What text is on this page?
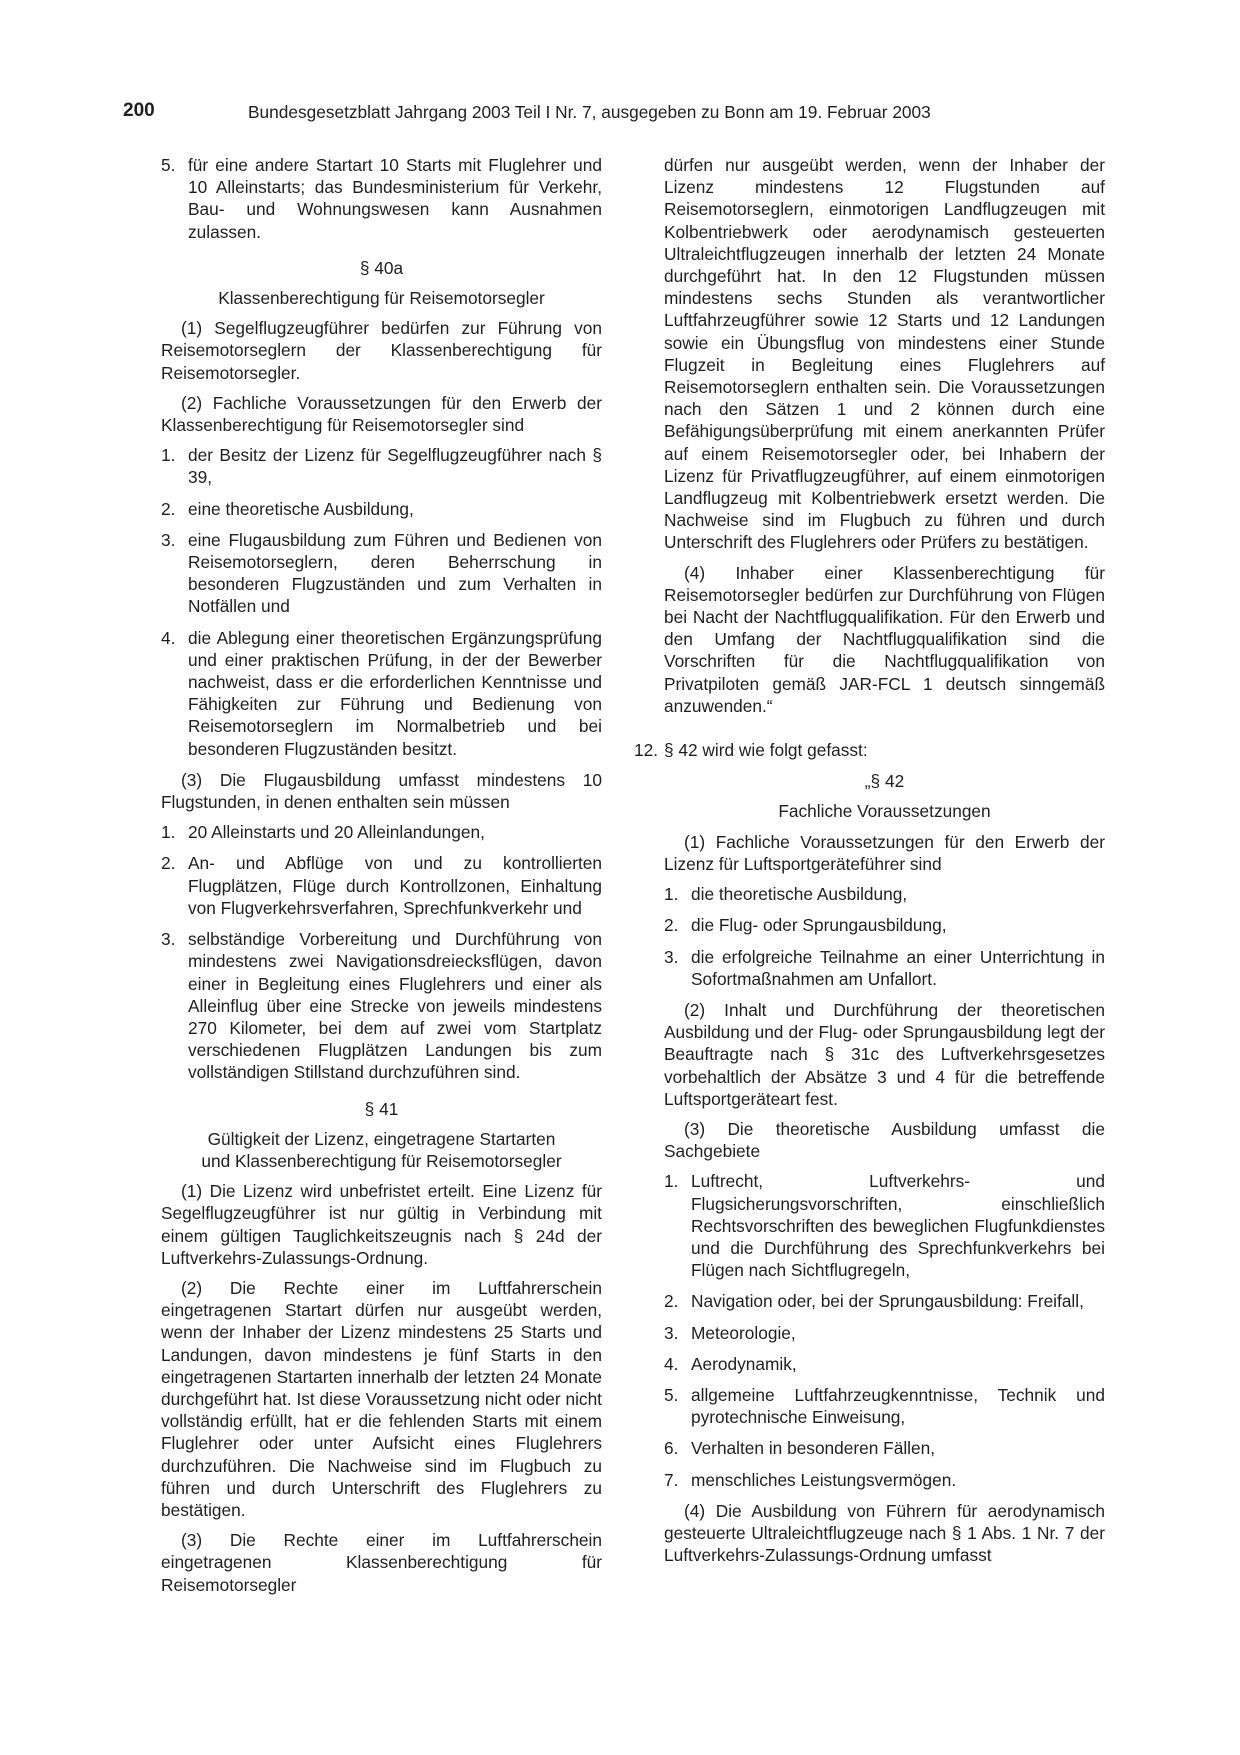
200	Bundesgesetzblatt Jahrgang 2003 Teil I Nr. 7, ausgegeben zu Bonn am 19. Februar 2003
5. für eine andere Startart 10 Starts mit Fluglehrer und 10 Alleinstarts; das Bundesministerium für Verkehr, Bau- und Wohnungswesen kann Ausnahmen zulassen.
§ 40a
Klassenberechtigung für Reisemotorsegler

(1) Segelflugzeugführer bedürfen zur Führung von Reisemotorseglern der Klassenberechtigung für Reisemotorsegler.

(2) Fachliche Voraussetzungen für den Erwerb der Klassenberechtigung für Reisemotorsegler sind

1. der Besitz der Lizenz für Segelflugzeugführer nach § 39,
2. eine theoretische Ausbildung,
3. eine Flugausbildung zum Führen und Bedienen von Reisemotorseglern, deren Beherrschung in besonderen Flugzuständen und zum Verhalten in Notfällen und
4. die Ablegung einer theoretischen Ergänzungsprüfung und einer praktischen Prüfung, in der der Bewerber nachweist, dass er die erforderlichen Kenntnisse und Fähigkeiten zur Führung und Bedienung von Reisemotorseglern im Normalbetrieb und bei besonderen Flugzuständen besitzt.

(3) Die Flugausbildung umfasst mindestens 10 Flugstunden, in denen enthalten sein müssen

1. 20 Alleinstarts und 20 Alleinlandungen,
2. An- und Abflüge von und zu kontrollierten Flugplätzen, Flüge durch Kontrollzonen, Einhaltung von Flugverkehrsverfahren, Sprechfunkverkehr und
3. selbständige Vorbereitung und Durchführung von mindestens zwei Navigationsdreiecksflügen, davon einer in Begleitung eines Fluglehrers und einer als Alleinflug über eine Strecke von jeweils mindestens 270 Kilometer, bei dem auf zwei vom Startplatz verschiedenen Flugplätzen Landungen bis zum vollständigen Stillstand durchzuführen sind.
§ 41
Gültigkeit der Lizenz, eingetragene Startarten
und Klassenberechtigung für Reisemotorsegler

(1) Die Lizenz wird unbefristet erteilt. Eine Lizenz für Segelflugzeugführer ist nur gültig in Verbindung mit einem gültigen Tauglichkeitszeugnis nach § 24d der Luftverkehrs-Zulassungs-Ordnung.

(2) Die Rechte einer im Luftfahrerschein eingetragenen Startart dürfen nur ausgeübt werden, wenn der Inhaber der Lizenz mindestens 25 Starts und Landungen, davon mindestens je fünf Starts in den eingetragenen Startarten innerhalb der letzten 24 Monate durchgeführt hat. Ist diese Voraussetzung nicht oder nicht vollständig erfüllt, hat er die fehlenden Starts mit einem Fluglehrer oder unter Aufsicht eines Fluglehrers durchzuführen. Die Nachweise sind im Flugbuch zu führen und durch Unterschrift des Fluglehrers zu bestätigen.

(3) Die Rechte einer im Luftfahrerschein eingetragenen Klassenberechtigung für Reisemotorsegler

dürfen nur ausgeübt werden, wenn der Inhaber der Lizenz mindestens 12 Flugstunden auf Reisemotorseglern, einmotorigen Landflugzeugen mit Kolbentriebwerk oder aerodynamisch gesteuerten Ultraleichtflugzeugen innerhalb der letzten 24 Monate durchgeführt hat. In den 12 Flugstunden müssen mindestens sechs Stunden als verantwortlicher Luftfahrzeugführer sowie 12 Starts und 12 Landungen sowie ein Übungsflug von mindestens einer Stunde Flugzeit in Begleitung eines Fluglehrers auf Reisemotorseglern enthalten sein. Die Voraussetzungen nach den Sätzen 1 und 2 können durch eine Befähigungsüberprüfung mit einem anerkannten Prüfer auf einem Reisemotorsegler oder, bei Inhabern der Lizenz für Privatflugzeugführer, auf einem einmotorigen Landflugzeug mit Kolbentriebwerk ersetzt werden. Die Nachweise sind im Flugbuch zu führen und durch Unterschrift des Fluglehrers oder Prüfers zu bestätigen.

(4) Inhaber einer Klassenberechtigung für Reisemotorsegler bedürfen zur Durchführung von Flügen bei Nacht der Nachtflugqualifikation. Für den Erwerb und den Umfang der Nachtflugqualifikation sind die Vorschriften für die Nachtflugqualifikation von Privatpiloten gemäß JAR-FCL 1 deutsch sinngemäß anzuwenden.“

12. § 42 wird wie folgt gefasst:
„§ 42
Fachliche Voraussetzungen

(1) Fachliche Voraussetzungen für den Erwerb der Lizenz für Luftsportgeräteführer sind

1. die theoretische Ausbildung,
2. die Flug- oder Sprungausbildung,
3. die erfolgreiche Teilnahme an einer Unterrichtung in Sofortmaßnahmen am Unfallort.

(2) Inhalt und Durchführung der theoretischen Ausbildung und der Flug- oder Sprungausbildung legt der Beauftragte nach § 31c des Luftverkehrsgesetzes vorbehaltlich der Absätze 3 und 4 für die betreffende Luftsportgeräteart fest.

(3) Die theoretische Ausbildung umfasst die Sachgebiete

1. Luftrecht, Luftverkehrs- und Flugsicherungsvorschriften, einschließlich Rechtsvorschriften des beweglichen Flugfunkdienstes und die Durchführung des Sprechfunkverkehrs bei Flügen nach Sichtflugregeln,
2. Navigation oder, bei der Sprungausbildung: Freifall,
3. Meteorologie,
4. Aerodynamik,
5. allgemeine Luftfahrzeugkenntnisse, Technik und pyrotechnische Einweisung,
6. Verhalten in besonderen Fällen,
7. menschliches Leistungsvermögen.

(4) Die Ausbildung von Führern für aerodynamisch gesteuerte Ultraleichtflugzeuge nach § 1 Abs. 1 Nr. 7 der Luftverkehrs-Zulassungs-Ordnung umfasst
